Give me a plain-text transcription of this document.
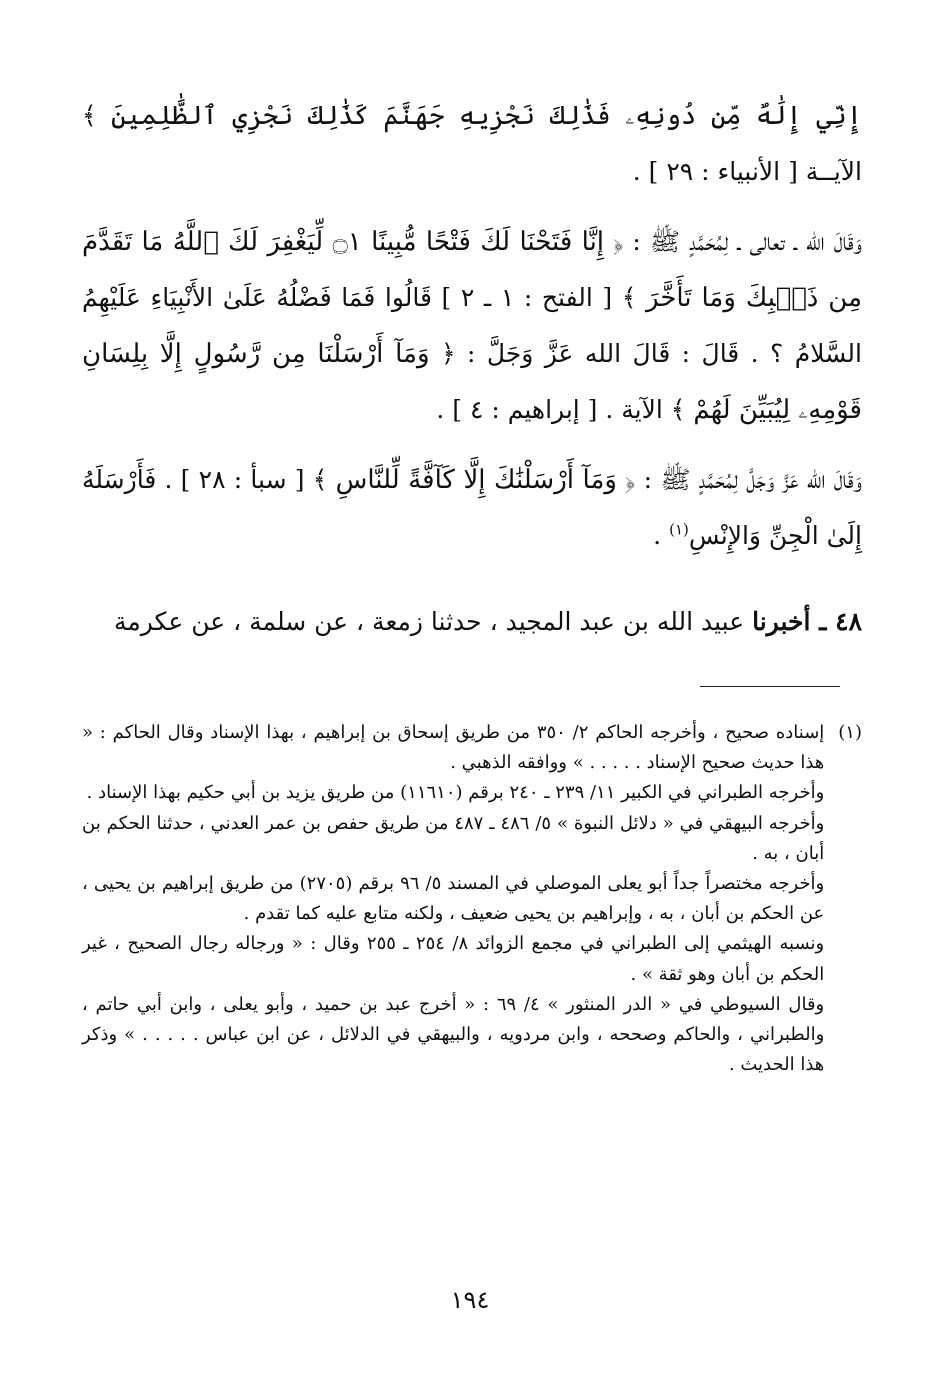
إِنِّي إِلَٰهٌ مِّن دُونِهِۦ فَذَٰلِكَ نَجْزِيهِ جَهَنَّمَ كَذَٰلِكَ نَجْزِي ٱلظَّٰلِمِينَ ﴾ الآيــة [ الأنبياء : ٢٩ ] .

وَقَالَ الله ـ تعالى ـ لِمُحَمَّدٍ ﷺ : ﴿ إِنَّا فَتَحْنَا لَكَ فَتْحًا مُّبِينًا ۝١ لِّيَغْفِرَ لَكَ ٱللَّهُ مَا تَقَدَّمَ مِن ذَنۢبِكَ وَمَا تَأَخَّرَ ﴾ [ الفتح : ١ ـ ٢ ] قَالُوا فَمَا فَضْلُهُ عَلَىٰ الأَنْبِيَاءِ عَلَيْهِمُ السَّلامُ ؟ . قَالَ : قَالَ الله عَزَّ وَجَلَّ : ﴿ وَمَآ أَرْسَلْنَا مِن رَّسُولٍ إِلَّا بِلِسَانِ قَوْمِهِۦ لِيُبَيِّنَ لَهُمْ ﴾ الآية . [ إبراهيم : ٤ ] .

وَقَالَ الله عَزَّ وَجَلَّ لِمُحَمَّدٍ ﷺ : ﴿ وَمَآ أَرْسَلْنَٰكَ إِلَّا كَآفَّةً لِّلنَّاسِ ﴾ [ سبأ : ٢٨ ] . فَأَرْسَلَهُ إِلَىٰ الْجِنِّ وَالإِنْسِ$^{(١)}$ .

٤٨ ـ أخبرنا عبيد الله بن عبد المجيد ، حدثنا زمعة ، عن سلمة ، عن عكرمة

(١)

إسناده صحيح ، وأخرجه الحاكم ٢/ ٣٥٠ من طريق إسحاق بن إبراهيم ، بهذا الإسناد وقال الحاكم : « هذا حديث صحيح الإسناد . . . . . » ووافقه الذهبي .

وأخرجه الطبراني في الكبير ١١/ ٢٣٩ ـ ٢٤٠ برقم (١١٦١٠) من طريق يزيد بن أبي حكيم بهذا الإسناد .

وأخرجه البيهقي في « دلائل النبوة » ٥/ ٤٨٦ ـ ٤٨٧ من طريق حفص بن عمر العدني ، حدثنا الحكم بن أبان ، به .

وأخرجه مختصراً جداً أبو يعلى الموصلي في المسند ٥/ ٩٦ برقم (٢٧٠٥) من طريق إبراهيم بن يحيى ، عن الحكم بن أبان ، به ، وإبراهيم بن يحيى ضعيف ، ولكنه متابع عليه كما تقدم .

ونسبه الهيثمي إلى الطبراني في مجمع الزوائد ٨/ ٢٥٤ ـ ٢٥٥ وقال : « ورجاله رجال الصحيح ، غير الحكم بن أبان وهو ثقة » .

وقال السيوطي في « الدر المنثور » ٤/ ٦٩ : « أخرج عبد بن حميد ، وأبو يعلى ، وابن أبي حاتم ، والطبراني ، والحاكم وصححه ، وابن مردويه ، والبيهقي في الدلائل ، عن ابن عباس . . . . . » وذكر هذا الحديث .

١٩٤
